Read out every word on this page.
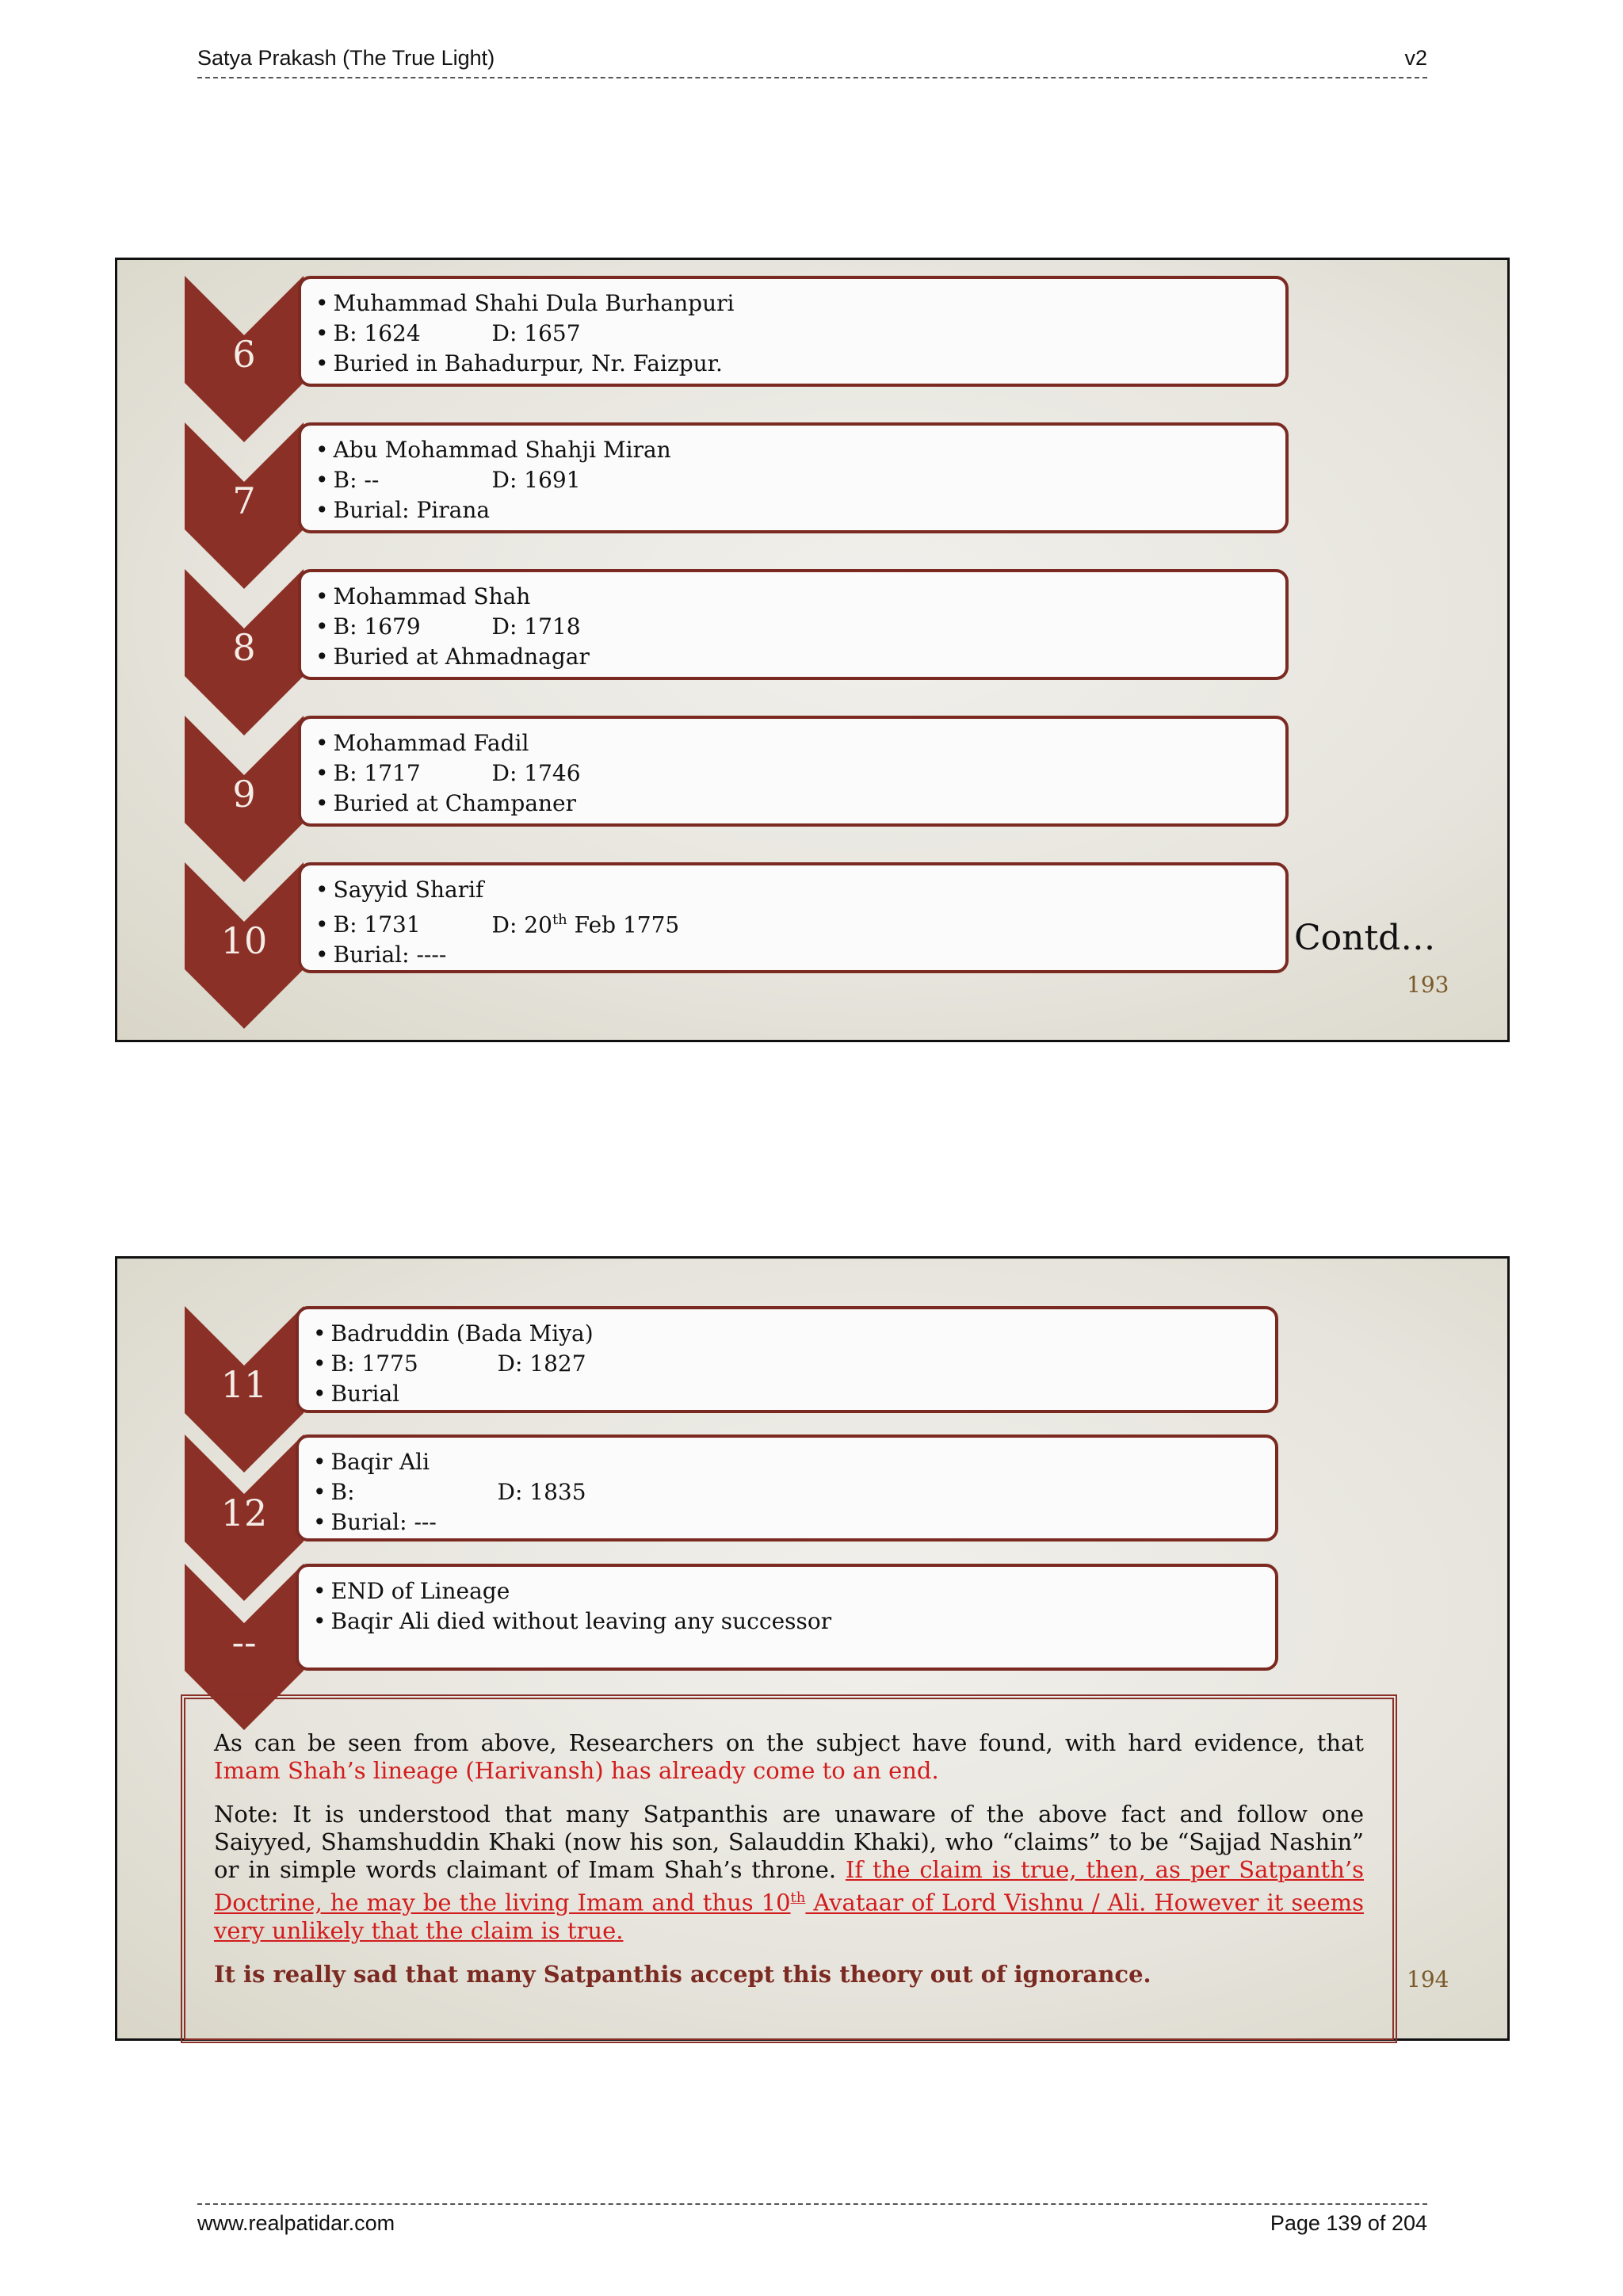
Satya Prakash (The True Light)	v2
6
• Muhammad Shahi Dula Burhanpuri
• B: 1624	D: 1657
• Buried in Bahadurpur, Nr. Faizpur.
7
• Abu Mohammad Shahji Miran
• B: --	D: 1691
• Burial: Pirana
8
• Mohammad Shah
• B: 1679	D: 1718
• Buried at Ahmadnagar
9
• Mohammad Fadil
• B: 1717	D: 1746
• Buried at Champaner
10
• Sayyid Sharif
• B: 1731	D: 20th Feb 1775
• Burial: ----	Contd…
193
11
• Badruddin (Bada Miya)
• B: 1775	D: 1827
• Burial
12
• Baqir Ali
• B:	D: 1835
• Burial: ---
--
• END of Lineage
• Baqir Ali died without leaving any successor

As can be seen from above, Researchers on the subject have found, with hard evidence, that Imam Shah’s lineage (Harivansh) has already come to an end.

Note: It is understood that many Satpanthis are unaware of the above fact and follow one Saiyyed, Shamshuddin Khaki (now his son, Salauddin Khaki), who “claims” to be “Sajjad Nashin” or in simple words claimant of Imam Shah’s throne. If the claim is true, then, as per Satpanth’s Doctrine, he may be the living Imam and thus 10th Avataar of Lord Vishnu / Ali. However it seems very unlikely that the claim is true.

It is really sad that many Satpanthis accept this theory out of ignorance.	194
www.realpatidar.com	Page 139 of 204
